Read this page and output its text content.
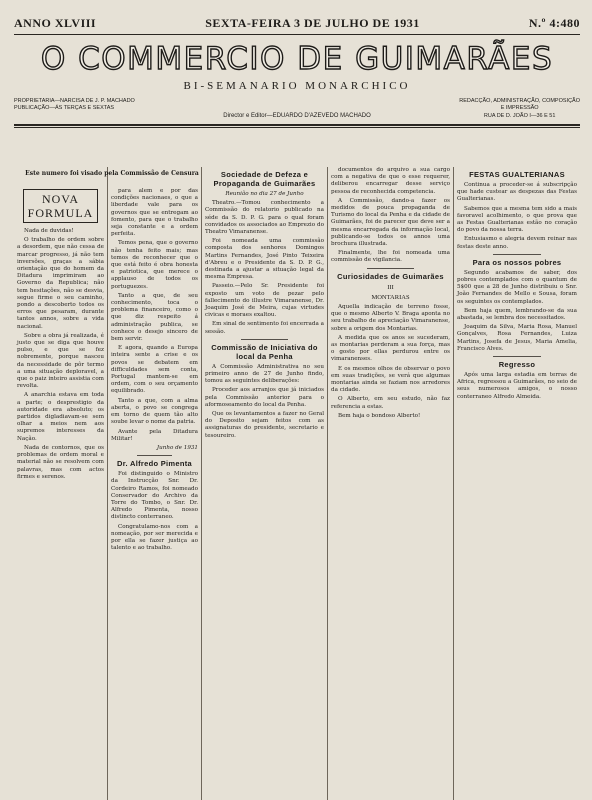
ANNO XLVIII	SEXTA-FEIRA 3 DE JULHO DE 1931	N.º 4:480
O COMMERCIO DE GUIMARÃES
BI-SEMANARIO MONARCHICO
PROPRIETARIA—NARCISA DE J. P. MACHADO
PUBLICAÇÃO—ÁS TERÇAS E SEXTAS
Director e Editor—EDUARDO D'AZEVEDO MACHADO
REDACÇÃO, ADMINISTRAÇÃO, COMPOSIÇÃO
E IMPRESSÃO
RUA DE D. JOÃO I—36 E 51
Este numero foi visado pela Commissão de Censura
NOVA FORMULA

Nada de duvidas!

O trabalho de ordem sobre a desordem, que não cessa de marcar progresso, já não tem inversões, graças a sábia orientação que do homem da Ditadura imprimiram ao Governo da Republica; não tem hesitações, não se desvia, segue firme o seu caminho, pondo a descoberto todos os erros que pesaram, durante tantos annos, sobre a vida nacional.

Sobre a obra já realizada, é justo que se diga que houve pulso, e que se fez nobremente, porque nasceu da necessidade de pôr termo a uma situação deploravel, a que o paiz inteiro assistia com revolta.

A anarchia estava em toda a parte; o desprestigio da autoridade era absoluto; os partidos digladiavam-se sem olhar a meios nem aos supremos interesses da Nação.

Nada de contornos, que os problemas de ordem moral e material não se resolvem com palavras, mas com actos firmes e serenos.

para alem e por das condições nacionaes, o que a liberdade vale para os governos que se entregam ao fomento, para que o trabalho seja constante e a ordem perfeita.

Temos pena, que o governo não tenha feito mais; mas temos de reconhecer que o que está feito é obra honesta e patriotica, que merece o applauso de todos os portuguezes.

Tanto a que, de seu conhecimento, toca o problema financeiro, como o que diz respeito á administração publica, se conhece o desejo sincero de bem servir.

E agora, quando a Europa inteira sente a crise e os povos se debatem em difficuldades sem conta, Portugal mantem-se em ordem, com o seu orçamento equilibrado.

Tanto a que, com a alma aberta, o povo se congrega em torno de quem tão alto soube levar o nome da patria.

Avante pela Ditadura Militar!

Junho de 1931
Dr. Alfredo Pimenta

Foi distinguido o Ministro da Instrucção Snr. Dr. Cordeiro Ramos, foi nomeado Conservador do Archivo da Torre do Tombo, o Snr. Dr. Alfredo Pimenta, nosso distincto conterraneo.

Congratulamo-nos com a nomeação, por ser merecida e por ella se fazer justiça ao talento e ao trabalho.

Sociedade de Defeza e Propaganda de Guimarães
Reunião no dia 27 de Junho

Theatro.—Tomou conhecimento a Commissão do relatorio publicado na séde da S. D. P. G. para o qual foram convidados os associados ao Emprezio do Theatro Vimaranense.

Foi nomeada uma commissão composta dos senhores Domingos Martins Fernandes, José Pinto Teixeira d'Abreu e o Presidente da S. D. P. G., destinada a ajustar a situação legal da mesma Empresa.

Passeio.—Pelo Sr. Presidente foi exposto um voto de pezar pelo fallecimento do illustre Vimaranense, Dr. Joaquim José de Meira, cujas virtudes civicas e moraes exaltou.

Em sinal de sentimento foi encerrada a sessão.

Commissão de Iniciativa do local da Penha

A Commissão Administrativa no seu primeiro anno de 27 de Junho findo, tomou as seguintes deliberações:

Proceder aos arranjos que já iniciados pela Commissão anterior para o aformoseamento do local da Penha.

Que os levantamentos a fazer no Geral do Deposito sejam feitos com as assignaturas do presidente, secretario e tesoureiro.

documentos do arquivo a sua cargo com a negativa de que o esse requerer, deliberou encarregar desse serviço pessoa de reconhecida competencia.

A Commissão, dando-a fazer os medidos de pouca propaganda de Turismo do local da Penha e da cidade de Guimarães, foi de parecer que deve ser a mesma encarregada da informação local, publicando-se todos os annos uma brochura illustrada.

Finalmente, lhe foi nomeada uma commissão de vigilancia.

Curiosidades de Guimarães
III
MONTARIAS

Aquella indicação de terreno fosse, que o mesmo Alberto V. Braga aponta no seu trabalho de apreciação Vimaranense, sobre a origem dos Montarias.

A medida que os anos se sucederam, as montarias perderam a sua força, mas o gosto por ellas perdurou entre os vimaranenses.

E os mesmos olhos de observar o povo em suas tradições, se verá que algumas montarias ainda se faziam nos arredores da cidade.

O Alberto, em seu estudo, não faz referencia a estas.

Bem haja o bondoso Alberto!

FESTAS GUALTERIANAS

Continua a proceder-se á subscripção que hade custear as despezas das Festas Gualterianas.

Sabemos que a mesma tem sido a mais favoravel acolhimento, o que prova que as Festas Gualterianas estão no coração do povo da nossa terra.

Entusiasmo e alegria devem reinar nas festas deste anno.

Para os nossos pobres

Segundo acabamos de saber, dos pobres contemplados com o quantum de 5$00 que a 28 de Junho distribuiu o Snr. João Fernandes de Mello e Sousa, foram os seguintes os contemplados.

Bem haja quem, lembrando-se da sua abastada, se lembra dos necessitados.

Joaquim da Silva, Maria Rosa, Manuel Gonçalves, Rosa Fernandes, Luiza Martins, Josefa de Jesus, Maria Amelia, Francisco Alves.

Regresso

Após uma larga estadia em terras de Africa, regressou a Guimarães, no seio de seus numerosos amigos, o nosso conterraneo Alfredo Almeida.
